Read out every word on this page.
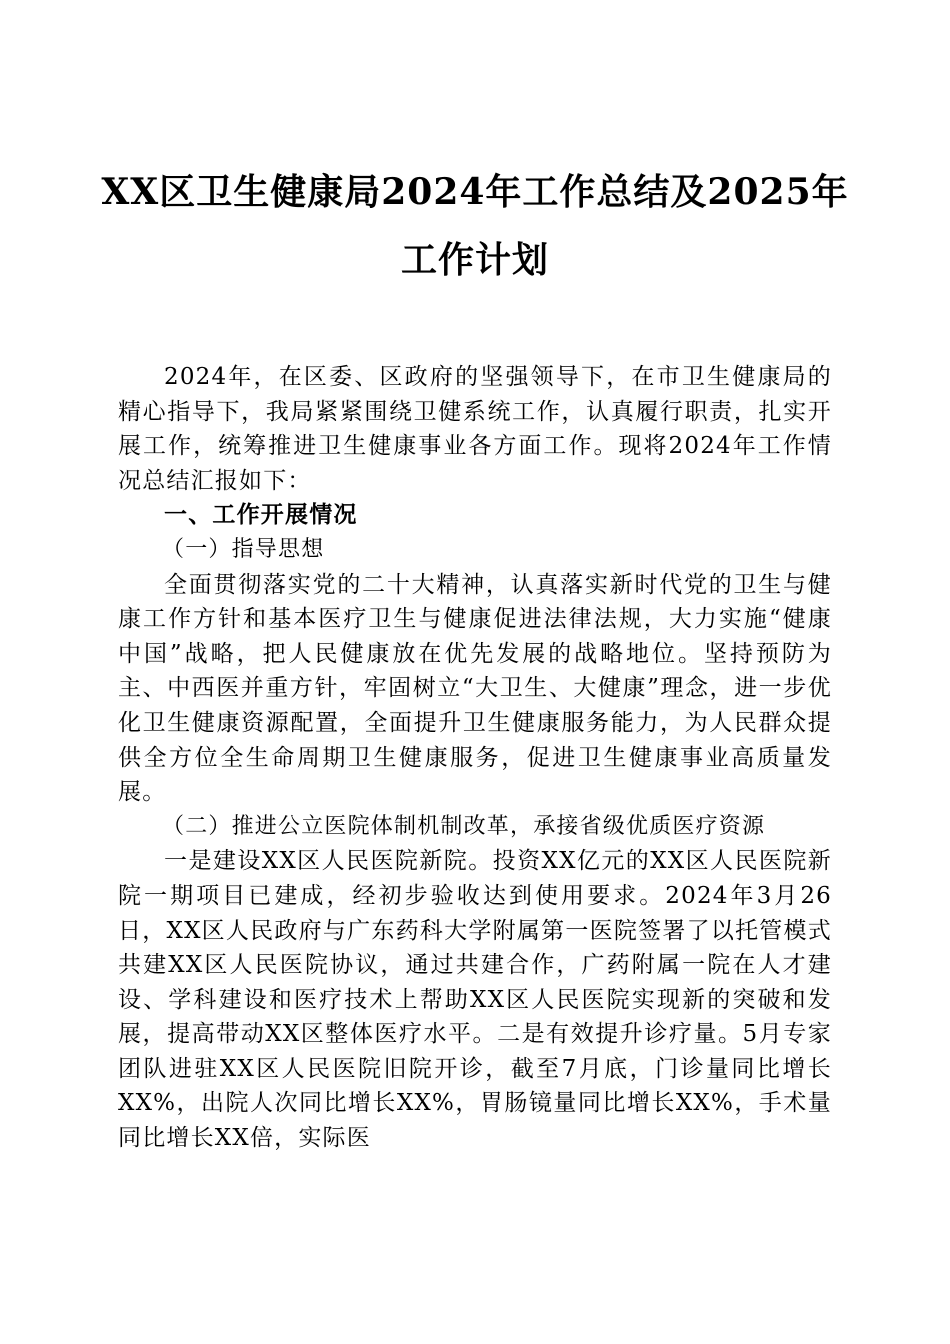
XX区卫生健康局2024年工作总结及2025年
工作计划

2024年，在区委、区政府的坚强领导下，在市卫生健康局的精心指导下，我局紧紧围绕卫健系统工作，认真履行职责，扎实开展工作，统筹推进卫生健康事业各方面工作。现将2024年工作情况总结汇报如下：

一、工作开展情况

（一）指导思想

全面贯彻落实党的二十大精神，认真落实新时代党的卫生与健康工作方针和基本医疗卫生与健康促进法律法规，大力实施“健康中国”战略，把人民健康放在优先发展的战略地位。坚持预防为主、中西医并重方针，牢固树立“大卫生、大健康”理念，进一步优化卫生健康资源配置，全面提升卫生健康服务能力，为人民群众提供全方位全生命周期卫生健康服务，促进卫生健康事业高质量发展。

（二）推进公立医院体制机制改革，承接省级优质医疗资源

一是建设XX区人民医院新院。投资XX亿元的XX区人民医院新院一期项目已建成，经初步验收达到使用要求。2024年3月26日，XX区人民政府与广东药科大学附属第一医院签署了以托管模式共建XX区人民医院协议，通过共建合作，广药附属一院在人才建设、学科建设和医疗技术上帮助XX区人民医院实现新的突破和发展，提高带动XX区整体医疗水平。二是有效提升诊疗量。5月专家团队进驻XX区人民医院旧院开诊，截至7月底，门诊量同比增长XX%，出院人次同比增长XX%，胃肠镜量同比增长XX%，手术量同比增长XX倍，实际医
